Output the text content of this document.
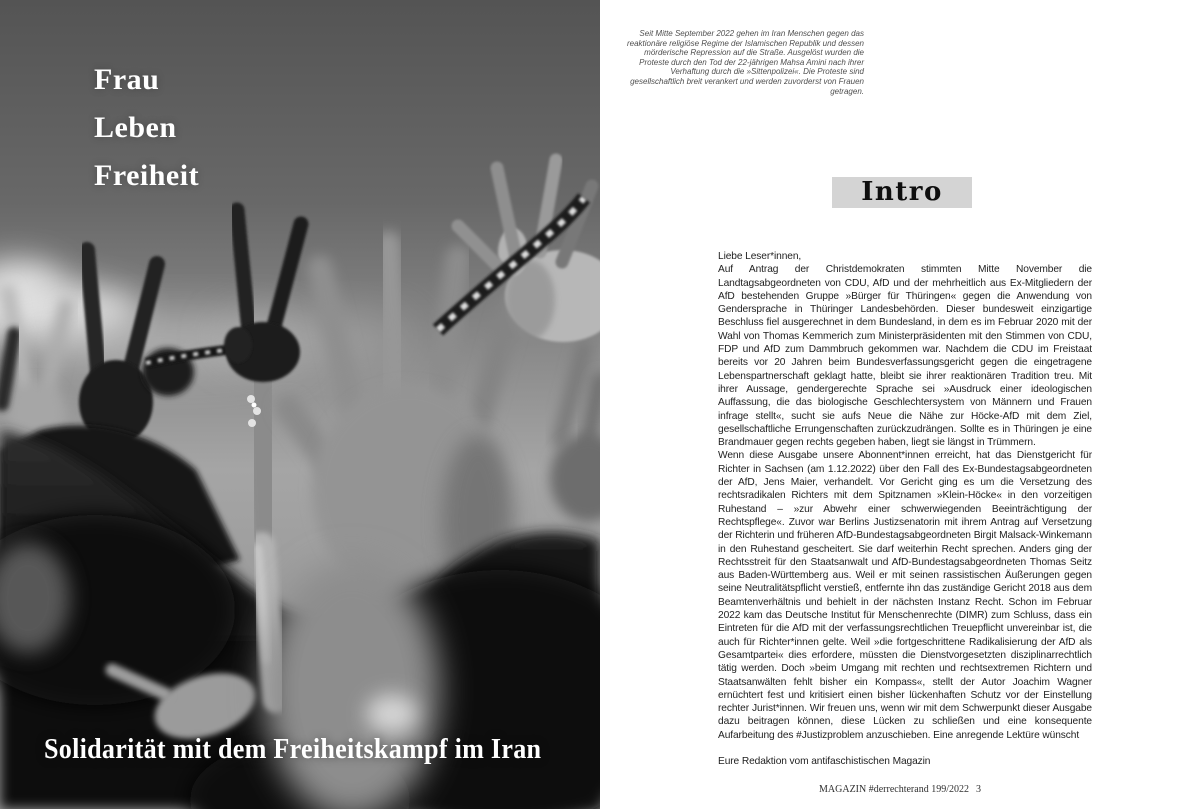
Frau
Leben
Freiheit
Solidarität mit dem Freiheitskampf im Iran
Seit Mitte September 2022 gehen im Iran Menschen gegen das reaktionäre religiöse Regime der Islamischen Republik und dessen mörderische Repression auf die Straße. Ausgelöst wurden die Proteste durch den Tod der 22-jährigen Mahsa Amini nach ihrer Verhaftung durch die »Sittenpolizei«. Die Proteste sind gesellschaftlich breit verankert und werden zuvorderst von Frauen getragen.
Intro

Liebe Leser*innen,

Auf Antrag der Christdemokraten stimmten Mitte November die Landtagsabgeordneten von CDU, AfD und der mehrheitlich aus Ex-Mitgliedern der AfD bestehenden Gruppe »Bürger für Thüringen« gegen die Anwendung von Gendersprache in Thüringer Landesbehörden. Dieser bundesweit einzigartige Beschluss fiel ausgerechnet in dem Bundesland, in dem es im Februar 2020 mit der Wahl von Thomas Kemmerich zum Ministerpräsidenten mit den Stimmen von CDU, FDP und AfD zum Dammbruch gekommen war. Nachdem die CDU im Freistaat bereits vor 20 Jahren beim Bundesverfassungsgericht gegen die eingetragene Lebenspartnerschaft geklagt hatte, bleibt sie ihrer reaktionären Tradition treu. Mit ihrer Aussage, gendergerechte Sprache sei »Ausdruck einer ideologischen Auffassung, die das biologische Geschlechtersystem von Männern und Frauen infrage stellt«, sucht sie aufs Neue die Nähe zur Höcke-AfD mit dem Ziel, gesellschaftliche Errungenschaften zurückzudrängen. Sollte es in Thüringen je eine Brandmauer gegen rechts gegeben haben, liegt sie längst in Trümmern.

Wenn diese Ausgabe unsere Abonnent*innen erreicht, hat das Dienstgericht für Richter in Sachsen (am 1.12.2022) über den Fall des Ex-Bundestagsabgeordneten der AfD, Jens Maier, verhandelt. Vor Gericht ging es um die Versetzung des rechtsradikalen Richters mit dem Spitznamen »Klein-Höcke« in den vorzeitigen Ruhestand – »zur Abwehr einer schwerwiegenden Beeinträchtigung der Rechtspflege«. Zuvor war Berlins Justizsenatorin mit ihrem Antrag auf Versetzung der Richterin und früheren AfD-Bundestagsabgeordneten Birgit Malsack-Winkemann in den Ruhestand gescheitert. Sie darf weiterhin Recht sprechen. Anders ging der Rechtsstreit für den Staatsanwalt und AfD-Bundestagsabgeordneten Thomas Seitz aus Baden-Württemberg aus. Weil er mit seinen rassistischen Äußerungen gegen seine Neutralitätspflicht verstieß, entfernte ihn das zuständige Gericht 2018 aus dem Beamtenverhältnis und behielt in der nächsten Instanz Recht. Schon im Februar 2022 kam das Deutsche Institut für Menschenrechte (DIMR) zum Schluss, dass ein Eintreten für die AfD mit der verfassungsrechtlichen Treuepflicht unvereinbar ist, die auch für Richter*innen gelte. Weil »die fortgeschrittene Radikalisierung der AfD als Gesamtpartei« dies erfordere, müssten die Dienstvorgesetzten disziplinarrechtlich tätig werden. Doch »beim Umgang mit rechten und rechtsextremen Richtern und Staatsanwälten fehlt bisher ein Kompass«, stellt der Autor Joachim Wagner ernüchtert fest und kritisiert einen bisher lückenhaften Schutz vor der Einstellung rechter Jurist*innen. Wir freuen uns, wenn wir mit dem Schwerpunkt dieser Ausgabe dazu beitragen können, diese Lücken zu schließen und eine konsequente Aufarbeitung des #Justizproblem anzuschieben. Eine anregende Lektüre wünscht

Eure Redaktion vom antifaschistischen Magazin

MAGAZIN #derrechterand 199/2022 3
